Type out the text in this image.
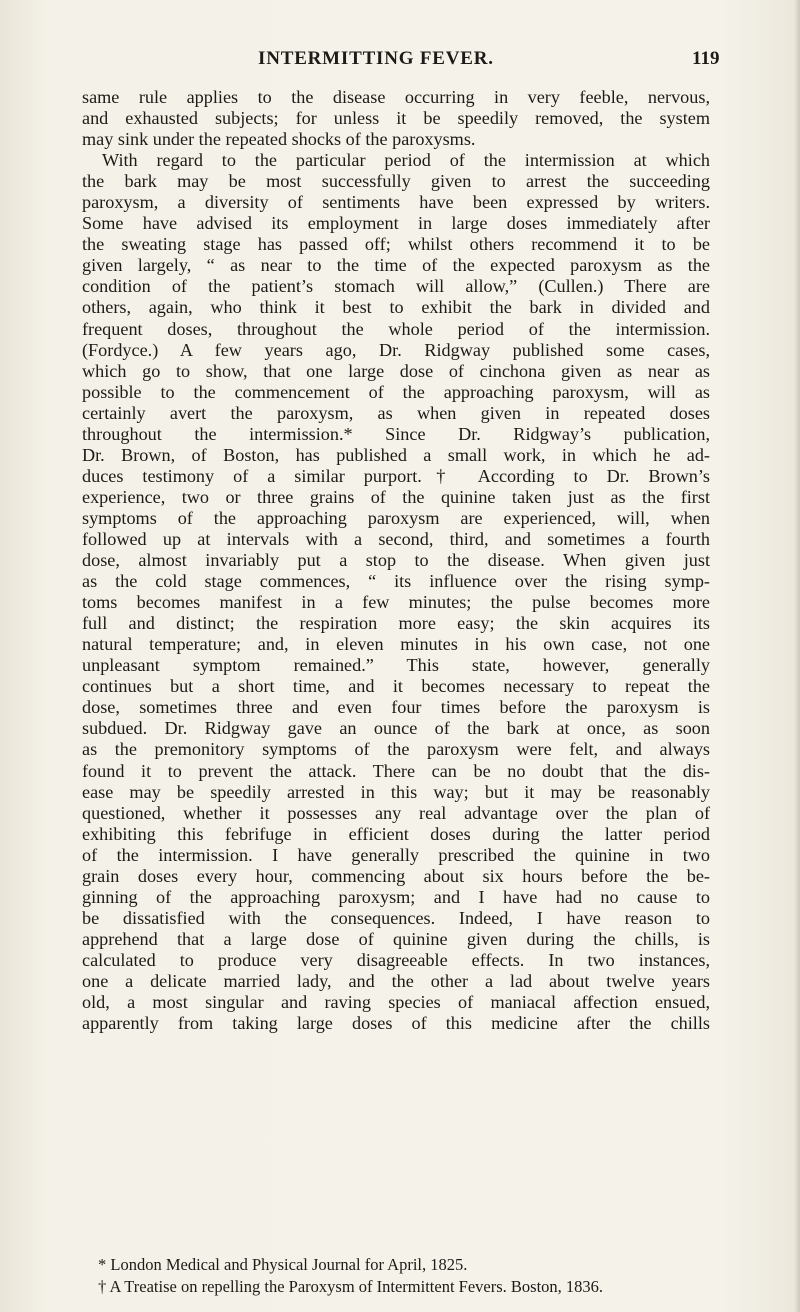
INTERMITTING FEVER.	119
same rule applies to the disease occurring in very feeble, nervous,
and exhausted subjects; for unless it be speedily removed, the system
may sink under the repeated shocks of the paroxysms.
With regard to the particular period of the intermission at which
the bark may be most successfully given to arrest the succeeding
paroxysm, a diversity of sentiments have been expressed by writers.
Some have advised its employment in large doses immediately after
the sweating stage has passed off; whilst others recommend it to be
given largely, “ as near to the time of the expected paroxysm as the
condition of the patient’s stomach will allow,” (Cullen.) There are
others, again, who think it best to exhibit the bark in divided and
frequent doses, throughout the whole period of the intermission.
(Fordyce.) A few years ago, Dr. Ridgway published some cases,
which go to show, that one large dose of cinchona given as near as
possible to the commencement of the approaching paroxysm, will as
certainly avert the paroxysm, as when given in repeated doses
throughout the intermission.* Since Dr. Ridgway’s publication,
Dr. Brown, of Boston, has published a small work, in which he ad-
duces testimony of a similar purport.† According to Dr. Brown’s
experience, two or three grains of the quinine taken just as the first
symptoms of the approaching paroxysm are experienced, will, when
followed up at intervals with a second, third, and sometimes a fourth
dose, almost invariably put a stop to the disease. When given just
as the cold stage commences, “ its influence over the rising symp-
toms becomes manifest in a few minutes; the pulse becomes more
full and distinct; the respiration more easy; the skin acquires its
natural temperature; and, in eleven minutes in his own case, not one
unpleasant symptom remained.” This state, however, generally
continues but a short time, and it becomes necessary to repeat the
dose, sometimes three and even four times before the paroxysm is
subdued. Dr. Ridgway gave an ounce of the bark at once, as soon
as the premonitory symptoms of the paroxysm were felt, and always
found it to prevent the attack. There can be no doubt that the dis-
ease may be speedily arrested in this way; but it may be reasonably
questioned, whether it possesses any real advantage over the plan of
exhibiting this febrifuge in efficient doses during the latter period
of the intermission. I have generally prescribed the quinine in two
grain doses every hour, commencing about six hours before the be-
ginning of the approaching paroxysm; and I have had no cause to
be dissatisfied with the consequences. Indeed, I have reason to
apprehend that a large dose of quinine given during the chills, is
calculated to produce very disagreeable effects. In two instances,
one a delicate married lady, and the other a lad about twelve years
old, a most singular and raving species of maniacal affection ensued,
apparently from taking large doses of this medicine after the chills
* London Medical and Physical Journal for April, 1825.
† A Treatise on repelling the Paroxysm of Intermittent Fevers. Boston, 1836.
